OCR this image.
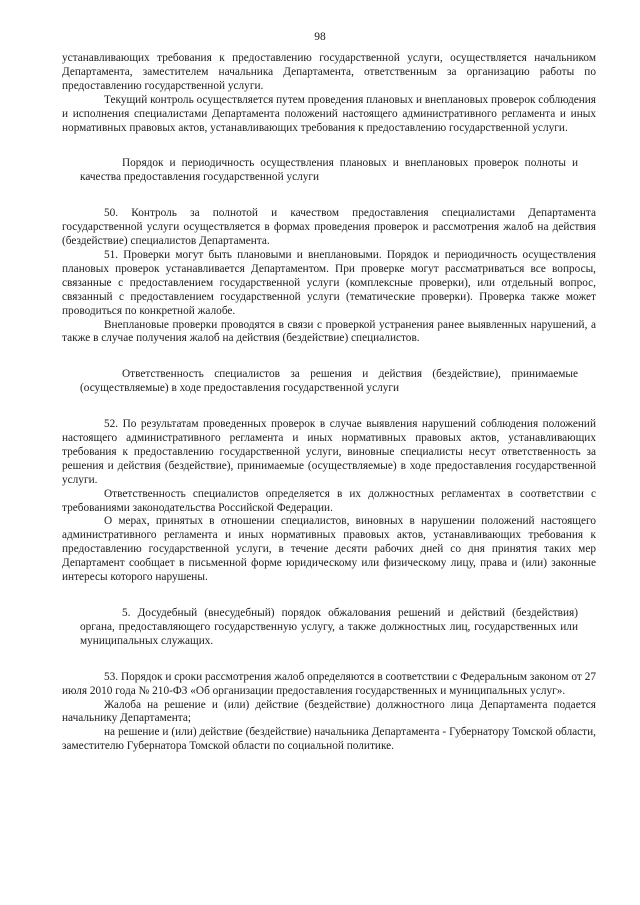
98

устанавливающих требования к предоставлению государственной услуги, осуществляется начальником Департамента, заместителем начальника Департамента, ответственным за организацию работы по предоставлению государственной услуги.

Текущий контроль осуществляется путем проведения плановых и внеплановых проверок соблюдения и исполнения специалистами Департамента положений настоящего административного регламента и иных нормативных правовых актов, устанавливающих требования к предоставлению государственной услуги.

Порядок и периодичность осуществления плановых и внеплановых проверок полноты и качества предоставления государственной услуги

50. Контроль за полнотой и качеством предоставления специалистами Департамента государственной услуги осуществляется в формах проведения проверок и рассмотрения жалоб на действия (бездействие) специалистов Департамента.

51. Проверки могут быть плановыми и внеплановыми. Порядок и периодичность осуществления плановых проверок устанавливается Департаментом. При проверке могут рассматриваться все вопросы, связанные с предоставлением государственной услуги (комплексные проверки), или отдельный вопрос, связанный с предоставлением государственной услуги (тематические проверки). Проверка также может проводиться по конкретной жалобе.

Внеплановые проверки проводятся в связи с проверкой устранения ранее выявленных нарушений, а также в случае получения жалоб на действия (бездействие) специалистов.

Ответственность специалистов за решения и действия (бездействие), принимаемые (осуществляемые) в ходе предоставления государственной услуги

52. По результатам проведенных проверок в случае выявления нарушений соблюдения положений настоящего административного регламента и иных нормативных правовых актов, устанавливающих требования к предоставлению государственной услуги, виновные специалисты несут ответственность за решения и действия (бездействие), принимаемые (осуществляемые) в ходе предоставления государственной услуги.

Ответственность специалистов определяется в их должностных регламентах в соответствии с требованиями законодательства Российской Федерации.

О мерах, принятых в отношении специалистов, виновных в нарушении положений настоящего административного регламента и иных нормативных правовых актов, устанавливающих требования к предоставлению государственной услуги, в течение десяти рабочих дней со дня принятия таких мер Департамент сообщает в письменной форме юридическому или физическому лицу, права и (или) законные интересы которого нарушены.

5. Досудебный (внесудебный) порядок обжалования решений и действий (бездействия) органа, предоставляющего государственную услугу, а также должностных лиц, государственных или муниципальных служащих.

53. Порядок и сроки рассмотрения жалоб определяются в соответствии с Федеральным законом от 27 июля 2010 года № 210-ФЗ «Об организации предоставления государственных и муниципальных услуг».

Жалоба на решение и (или) действие (бездействие) должностного лица Департамента подается начальнику Департамента;

на решение и (или) действие (бездействие) начальника Департамента - Губернатору Томской области, заместителю Губернатора Томской области по социальной политике.
